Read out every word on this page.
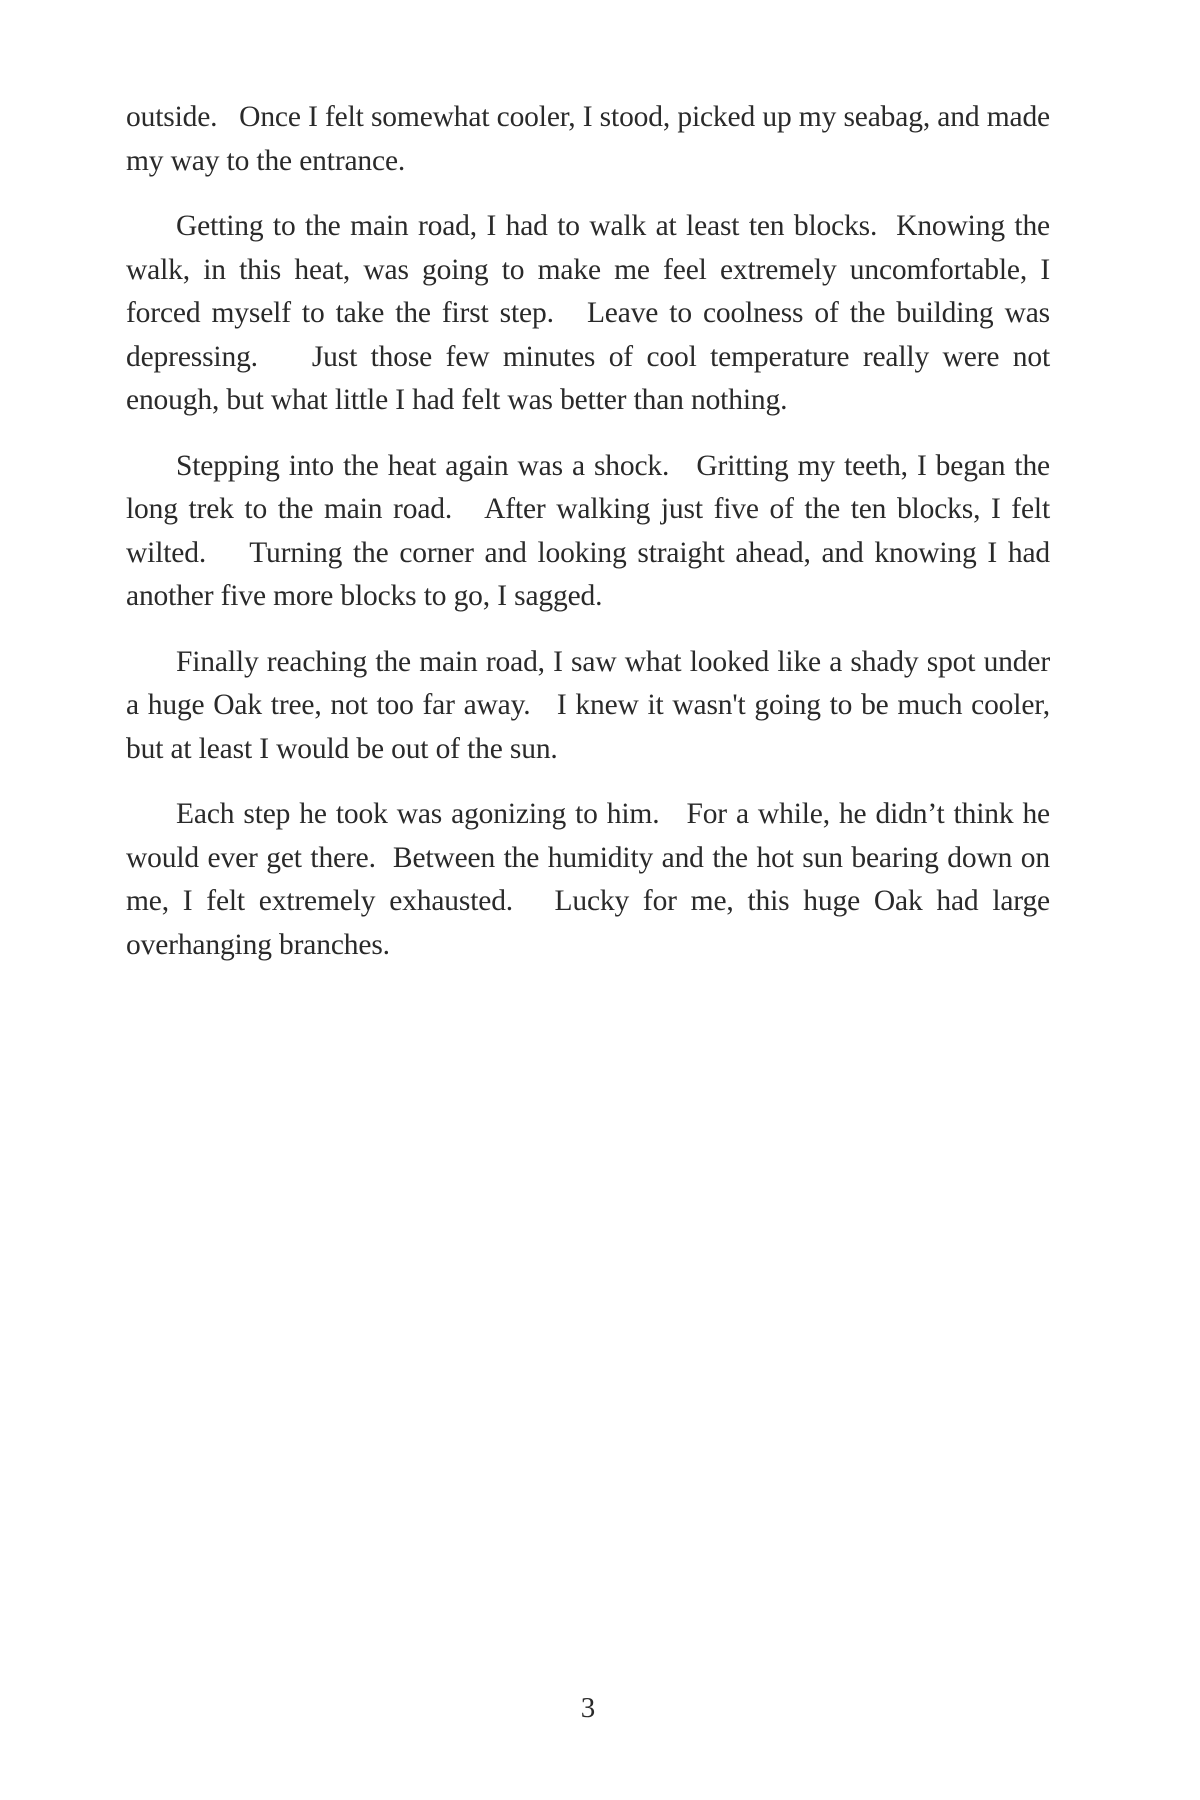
outside.   Once I felt somewhat cooler, I stood, picked up my seabag, and made my way to the entrance.

Getting to the main road, I had to walk at least ten blocks.  Knowing the walk, in this heat, was going to make me feel extremely uncomfortable, I forced myself to take the first step.   Leave to coolness of the building was depressing.    Just those few minutes of cool temperature really were not enough, but what little I had felt was better than nothing.

Stepping into the heat again was a shock.   Gritting my teeth, I began the long trek to the main road.   After walking just five of the ten blocks, I felt wilted.    Turning the corner and looking straight ahead, and knowing I had another five more blocks to go, I sagged.

Finally reaching the main road, I saw what looked like a shady spot under a huge Oak tree, not too far away.   I knew it wasn't going to be much cooler, but at least I would be out of the sun.

Each step he took was agonizing to him.   For a while, he didn’t think he would ever get there.  Between the humidity and the hot sun bearing down on me, I felt extremely exhausted.   Lucky for me, this huge Oak had large overhanging branches.

3
